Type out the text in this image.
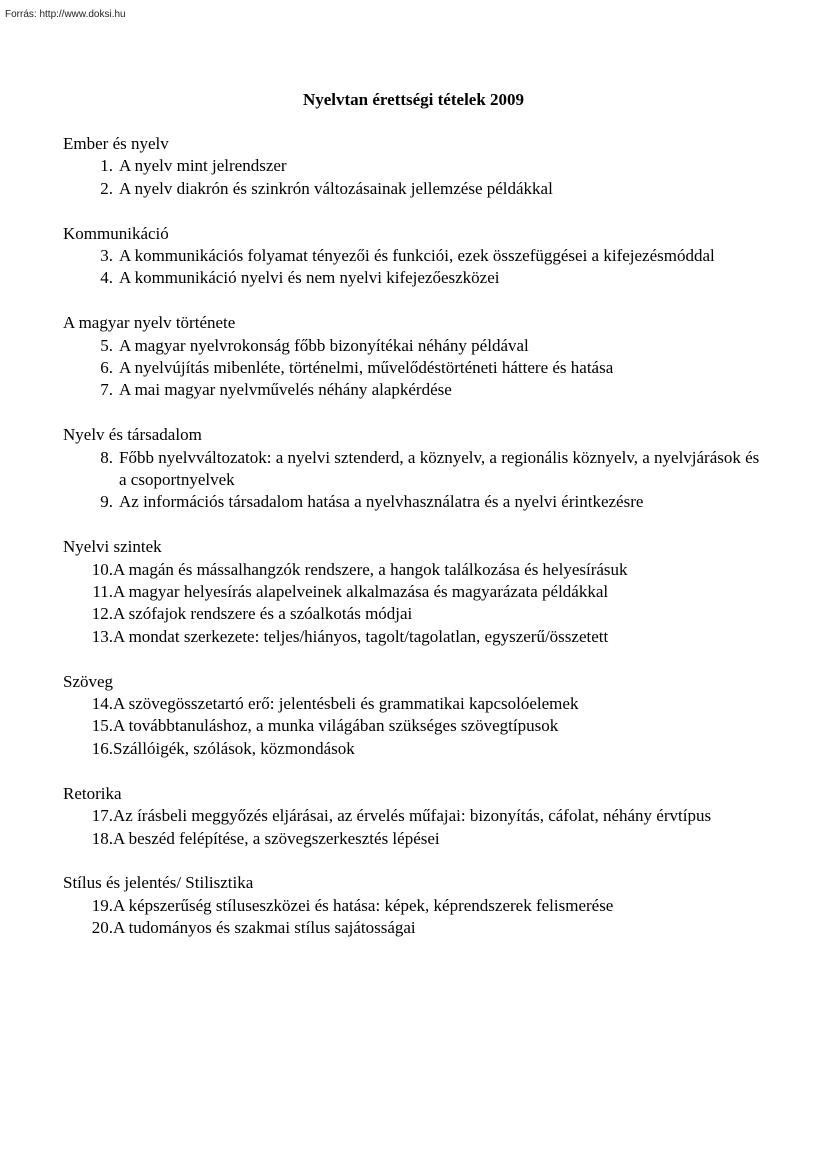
Forrás: http://www.doksi.hu
Nyelvtan érettségi tételek 2009
Ember és nyelv
1. A nyelv mint jelrendszer
2. A nyelv diakrón és szinkrón változásainak jellemzése példákkal
Kommunikáció
3. A kommunikációs folyamat tényezői és funkciói, ezek összefüggései a kifejezésmóddal
4. A kommunikáció nyelvi és nem nyelvi kifejezőeszközei
A magyar nyelv története
5. A magyar nyelvrokonság főbb bizonyítékai néhány példával
6. A nyelvújítás mibenléte, történelmi, művelődéstörténeti háttere és hatása
7. A mai magyar nyelvművelés néhány alapkérdése
Nyelv és társadalom
8. Főbb nyelvváltozatok: a nyelvi sztenderd, a köznyelv, a regionális köznyelv, a nyelvjárások és a csoportnyelvek
9. Az információs társadalom hatása a nyelvhasználatra és a nyelvi érintkezésre
Nyelvi szintek
10. A magán és mássalhangzók rendszere, a hangok találkozása és helyesírásuk
11. A magyar helyesírás alapelveinek alkalmazása és magyarázata példákkal
12. A szófajok rendszere és a szóalkotás módjai
13. A mondat szerkezete: teljes/hiányos, tagolt/tagolatlan, egyszerű/összetett
Szöveg
14. A szövegösszetartó erő: jelentésbeli és grammatikai kapcsolóelemek
15. A továbbtanuláshoz, a munka világában szükséges szövegtípusok
16. Szállóigék, szólások, közmondások
Retorika
17. Az írásbeli meggyőzés eljárásai, az érvelés műfajai: bizonyítás, cáfolat, néhány érvtípus
18. A beszéd felépítése, a szövegszerkesztés lépései
Stílus és jelentés/ Stilisztika
19. A képszerűség stíluseszközei és hatása: képek, képrendszerek felismerése
20. A tudományos és szakmai stílus sajátosságai
